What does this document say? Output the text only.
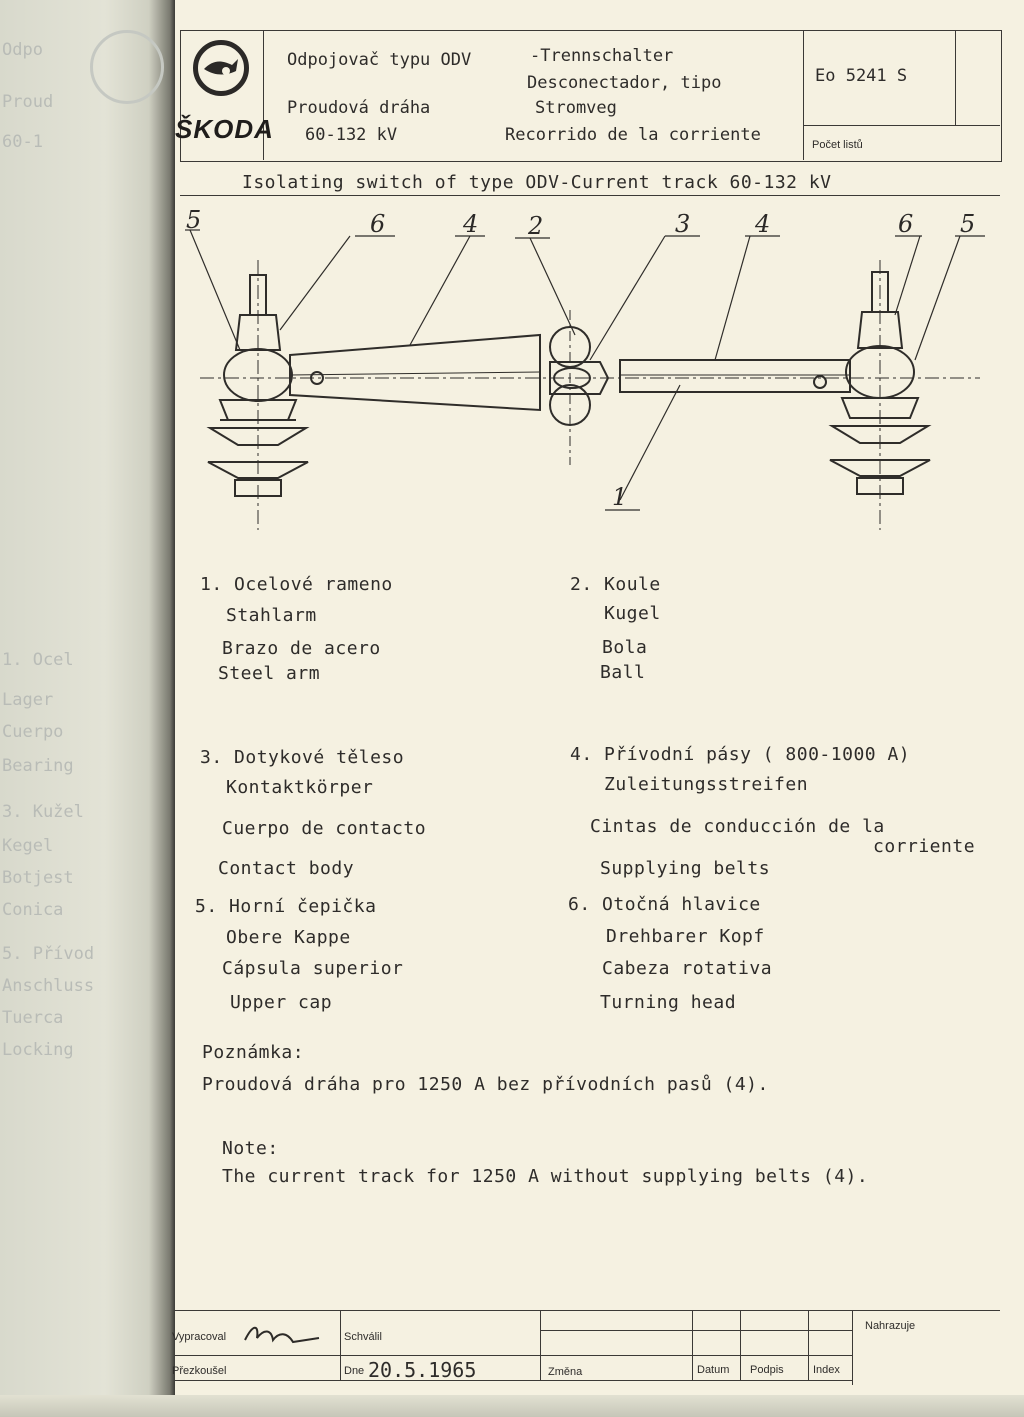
Odpo
Proud
60-1
1. Ocel
Lager
Cuerpo
Bearing
3. Kužel
Kegel
Botjest
Conica
5. Přívod
Anschluss
Tuerca
Locking
ŠKODA
Odpojovač typu ODV	-Trennschalter
Desconectador, tipo
Proudová dráha	Stromveg
60-132 kV	Recorrido de la corriente
Eo 5241 S
Počet listů
Isolating switch of type ODV-Current track 60-132 kV
5	6	4 2	3	4	6 5
1
1. Ocelové rameno
Stahlarm
Brazo de acero
Steel arm
2. Koule
Kugel
Bola
Ball
3. Dotykové těleso
Kontaktkörper
Cuerpo de contacto
Contact body
4. Přívodní pásy ( 800-1000 A)
Zuleitungsstreifen
Cintas de conducción de la
corriente
Supplying belts
5. Horní čepička
Obere Kappe
Cápsula superior
Upper cap
6. Otočná hlavice
Drehbarer Kopf
Cabeza rotativa
Turning head
Poznámka:
Proudová dráha pro 1250 A bez přívodních pasů (4).
Note:
The current track for 1250 A without supplying belts (4).
Vypracoval
Přezkoušel
Schválil
Dne 20.5.1965	Změna	Datum Podpis	Index
Nahrazuje
